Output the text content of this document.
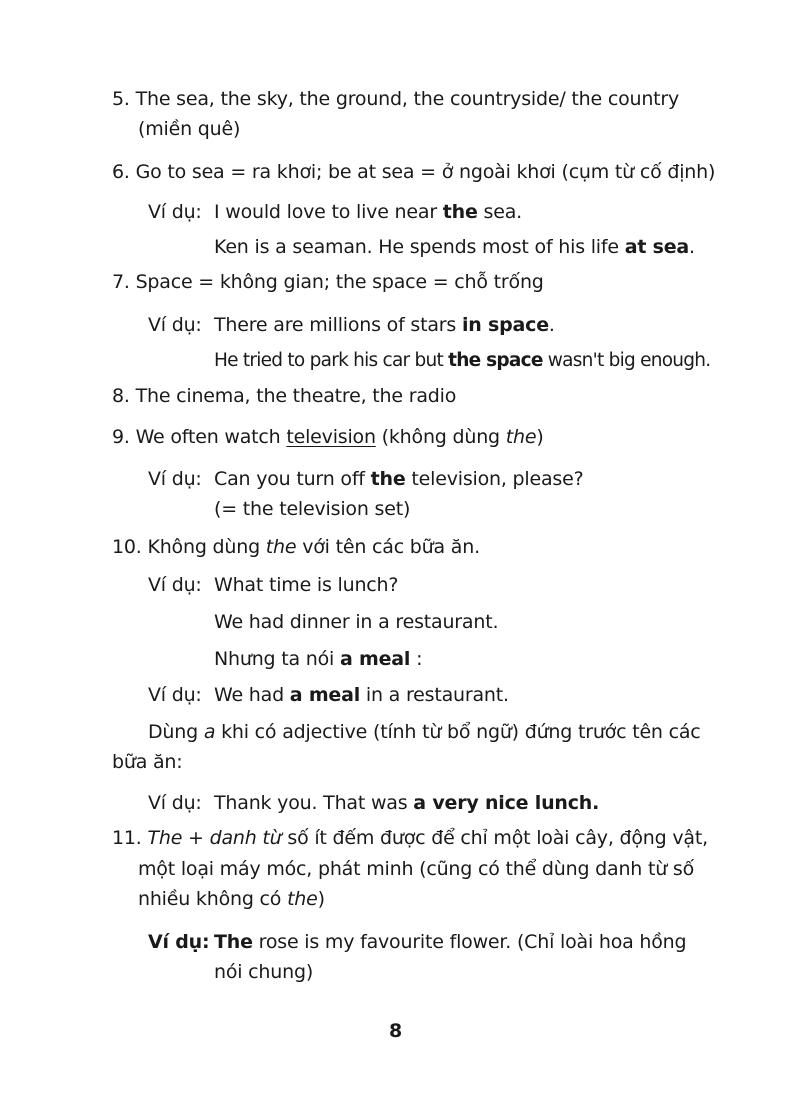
5. The sea, the sky, the ground, the countryside/ the country
(miền quê)
6. Go to sea = ra khơi; be at sea = ở ngoài khơi (cụm từ cố định)
Ví dụ: I would love to live near the sea.
Ken is a seaman. He spends most of his life at sea.
7. Space = không gian; the space = chỗ trống
Ví dụ: There are millions of stars in space.
He tried to park his car but the space wasn't big enough.
8. The cinema, the theatre, the radio
9. We often watch television (không dùng the)
Ví dụ: Can you turn off the television, please?
(= the television set)
10. Không dùng the với tên các bữa ăn.
Ví dụ: What time is lunch?
We had dinner in a restaurant.
Nhưng ta nói a meal :
Ví dụ: We had a meal in a restaurant.
Dùng a khi có adjective (tính từ bổ ngữ) đứng trước tên các
bữa ăn:
Ví dụ: Thank you. That was a very nice lunch.
11. The + danh từ số ít đếm được để chỉ một loài cây, động vật,
một loại máy móc, phát minh (cũng có thể dùng danh từ số
nhiều không có the)
Ví dụ: The rose is my favourite flower. (Chỉ loài hoa hồng
nói chung)
8
